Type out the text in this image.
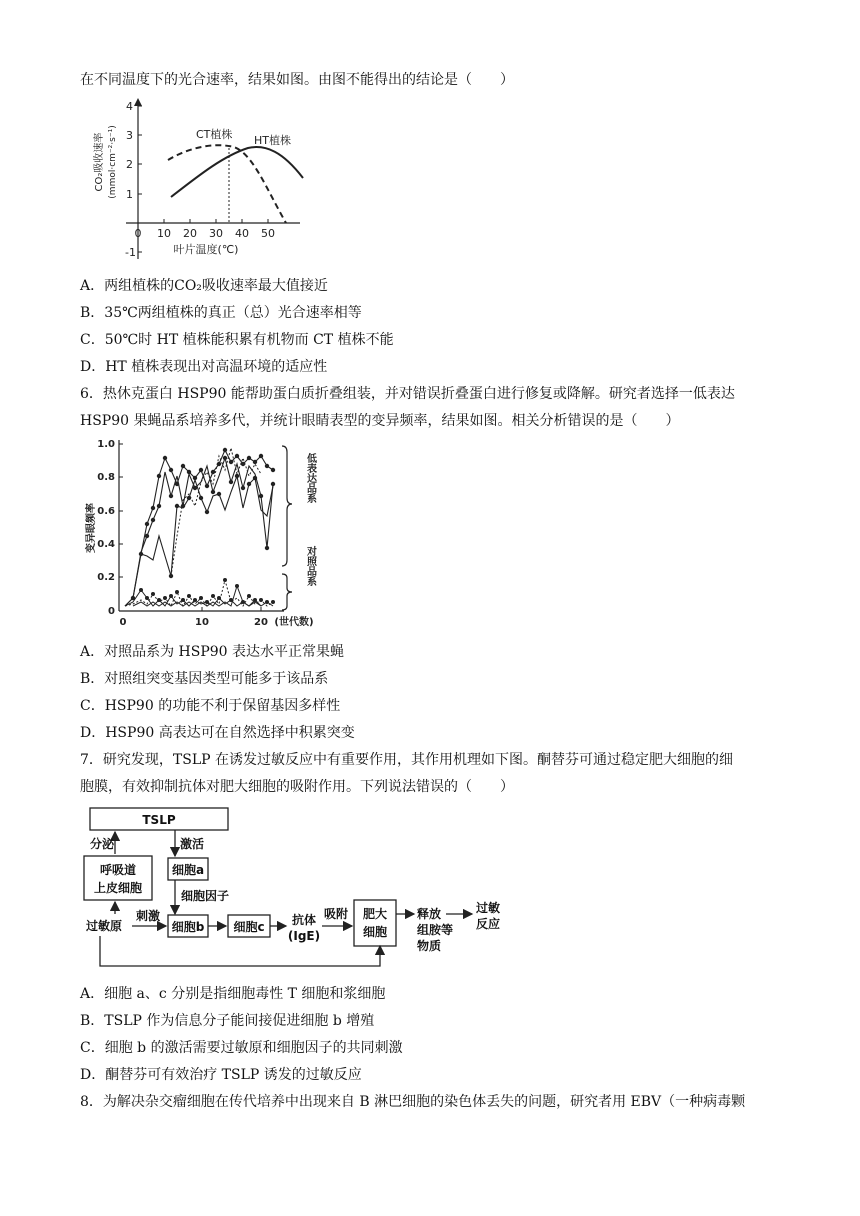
在不同温度下的光合速率，结果如图。由图不能得出的结论是（　　）
4
3
2
1
-1
0 10 20 30 40 50
叶片温度(℃)
CO₂吸收速率 (mmol·cm⁻²·s⁻¹)	CT植株 HT植株
A．两组植株的CO₂吸收速率最大值接近
B．35℃两组植株的真正（总）光合速率相等
C．50℃时 HT 植株能积累有机物而 CT 植株不能
D．HT 植株表现出对高温环境的适应性
6．热休克蛋白 HSP90 能帮助蛋白质折叠组装，并对错误折叠蛋白进行修复或降解。研究者选择一低表达
HSP90 果蝇品系培养多代，并统计眼睛表型的变异频率，结果如图。相关分析错误的是（　　）
1.0
0.8
0.6
0.4
0.2
0
0	10	20 (世代数)
变异眼频率
低表达品系
对照品系
A．对照品系为 HSP90 表达水平正常果蝇
B．对照组突变基因类型可能多于该品系
C．HSP90 的功能不利于保留基因多样性
D．HSP90 高表达可在自然选择中积累突变
7．研究发现，TSLP 在诱发过敏反应中有重要作用，其作用机理如下图。酮替芬可通过稳定肥大细胞的细
胞膜，有效抑制抗体对肥大细胞的吸附作用。下列说法错误的（　　）
TSLP
分泌	激活
呼吸道
上皮细胞
细胞a
细胞因子
过敏原
刺激
细胞b 细胞c 抗体
(IgE)
吸附 肥大
细胞
释放
组胺等
物质
过敏
反应
A．细胞 a、c 分别是指细胞毒性 T 细胞和浆细胞
B．TSLP 作为信息分子能间接促进细胞 b 增殖
C．细胞 b 的激活需要过敏原和细胞因子的共同刺激
D．酮替芬可有效治疗 TSLP 诱发的过敏反应
8．为解决杂交瘤细胞在传代培养中出现来自 B 淋巴细胞的染色体丢失的问题，研究者用 EBV（一种病毒颗
